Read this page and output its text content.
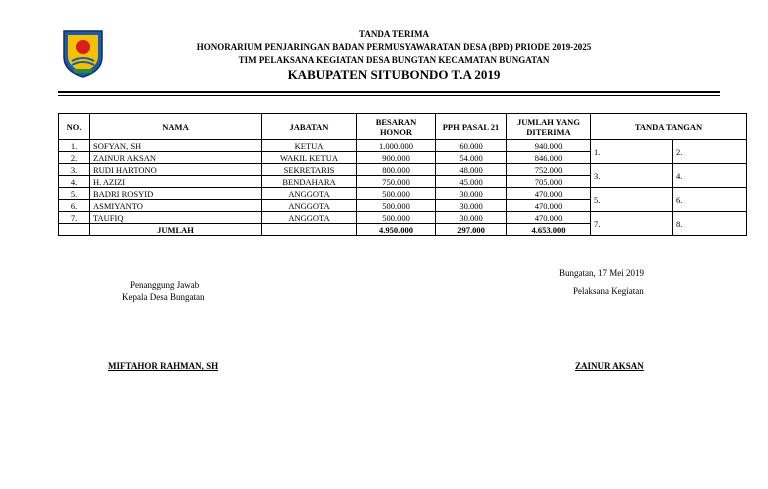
TANDA TERIMA
HONORARIUM PENJARINGAN BADAN PERMUSYAWARATAN DESA (BPD) PRIODE 2019-2025
TIM PELAKSANA KEGIATAN DESA BUNGTAN KECAMATAN BUNGATAN
KABUPATEN SITUBONDO T.A 2019
NO.	NAMA	JABATAN	BESARAN HONOR	PPH PASAL 21	JUMLAH YANG DITERIMA	TANDA TANGAN	
1.	SOFYAN, SH	KETUA	1.000.000	60.000	940.000	1.	2.
2.	ZAINUR AKSAN	WAKIL KETUA	900.000	54.000	846.000		
3.	RUDI HARTONO	SEKRETARIS	800.000	48.000	752.000	3.	4.
4.	H. AZIZI	BENDAHARA	750.000	45.000	705.000		
5.	BADRI ROSYID	ANGGOTA	500.000	30.000	470.000	5.	6.
6.	ASMIYANTO	ANGGOTA	500.000	30.000	470.000		
7.	TAUFIQ	ANGGOTA	500.000	30.000	470.000	7.	8.
	JUMLAH		4.950.000	297.000	4.653.000		
Penanggung Jawab
Kepala Desa Bungatan
MIFTAHOR RAHMAN, SH
Bungatan, 17 Mei 2019
Pelaksana Kegiatan
ZAINUR AKSAN
